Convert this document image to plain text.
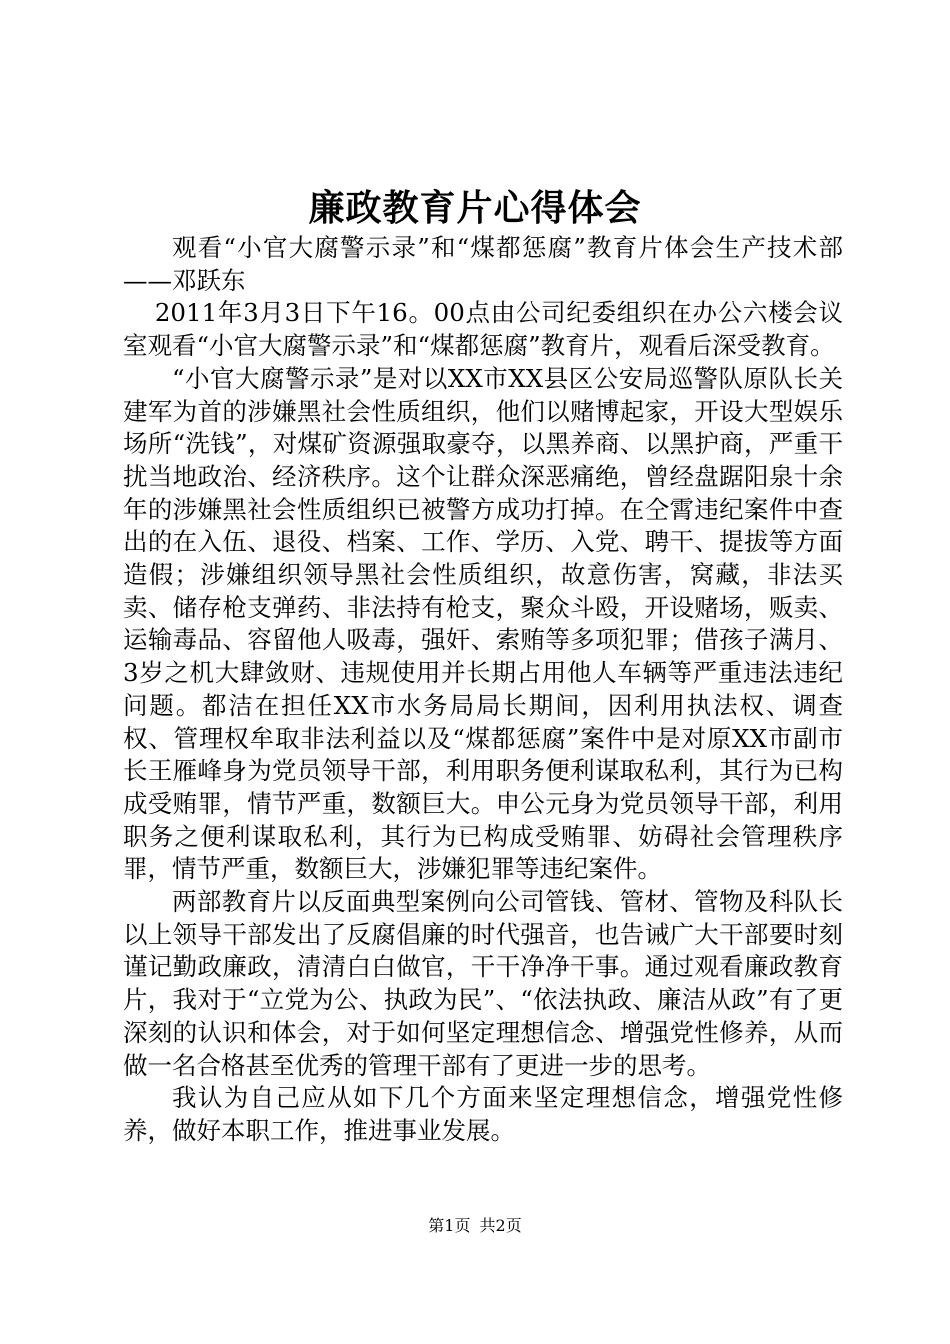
廉政教育片心得体会

观看“小官大腐警示录”和“煤都惩腐”教育片体会生产技术部——邓跃东

2011年3月3日下午16。00点由公司纪委组织在办公六楼会议室观看“小官大腐警示录”和“煤都惩腐”教育片，观看后深受教育。

“小官大腐警示录”是对以XX市XX县区公安局巡警队原队长关建军为首的涉嫌黑社会性质组织，他们以赌博起家，开设大型娱乐场所“洗钱”，对煤矿资源强取豪夺，以黑养商、以黑护商，严重干扰当地政治、经济秩序。这个让群众深恶痛绝，曾经盘踞阳泉十余年的涉嫌黑社会性质组织已被警方成功打掉。在仝霄违纪案件中查出的在入伍、退役、档案、工作、学历、入党、聘干、提拔等方面造假；涉嫌组织领导黑社会性质组织，故意伤害，窝藏，非法买卖、储存枪支弹药、非法持有枪支，聚众斗殴，开设赌场，贩卖、运输毒品、容留他人吸毒，强奸、索贿等多项犯罪；借孩子满月、3岁之机大肆敛财、违规使用并长期占用他人车辆等严重违法违纪问题。都洁在担任XX市水务局局长期间，因利用执法权、调查权、管理权牟取非法利益以及“煤都惩腐”案件中是对原XX市副市长王雁峰身为党员领导干部，利用职务便利谋取私利，其行为已构成受贿罪，情节严重，数额巨大。申公元身为党员领导干部，利用职务之便利谋取私利，其行为已构成受贿罪、妨碍社会管理秩序罪，情节严重，数额巨大，涉嫌犯罪等违纪案件。

两部教育片以反面典型案例向公司管钱、管材、管物及科队长以上领导干部发出了反腐倡廉的时代强音，也告诫广大干部要时刻谨记勤政廉政，清清白白做官，干干净净干事。通过观看廉政教育片，我对于“立党为公、执政为民”、“依法执政、廉洁从政”有了更深刻的认识和体会，对于如何坚定理想信念、增强党性修养，从而做一名合格甚至优秀的管理干部有了更进一步的思考。

我认为自己应从如下几个方面来坚定理想信念，增强党性修养，做好本职工作，推进事业发展。

第1页 共2页
